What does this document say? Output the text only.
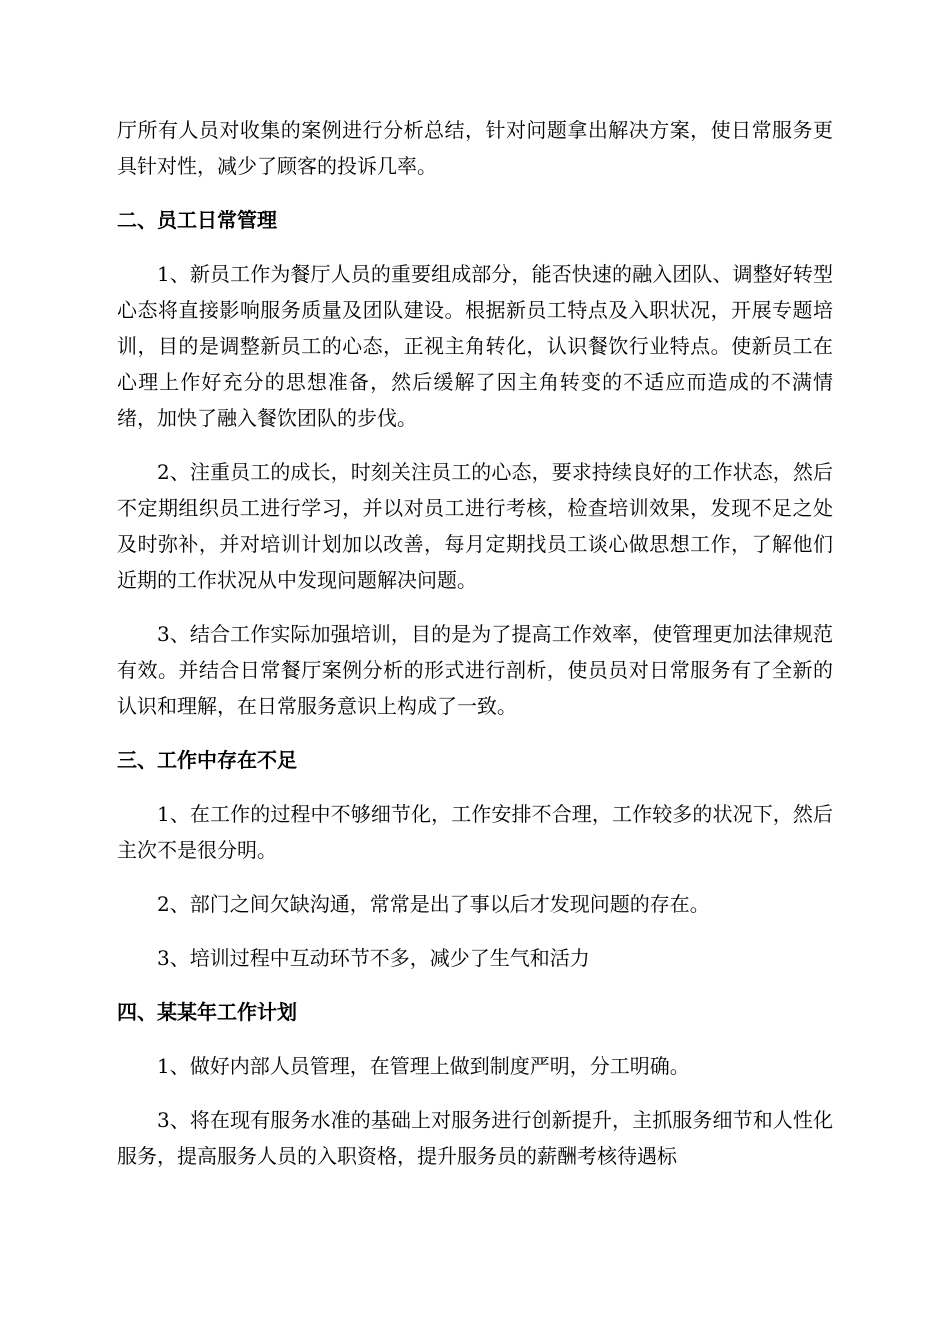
厅所有人员对收集的案例进行分析总结，针对问题拿出解决方案，使日常服务更具针对性，减少了顾客的投诉几率。

二、员工日常管理

1、新员工作为餐厅人员的重要组成部分，能否快速的融入团队、调整好转型心态将直接影响服务质量及团队建设。根据新员工特点及入职状况，开展专题培训，目的是调整新员工的心态，正视主角转化，认识餐饮行业特点。使新员工在心理上作好充分的思想准备，然后缓解了因主角转变的不适应而造成的不满情绪，加快了融入餐饮团队的步伐。

2、注重员工的成长，时刻关注员工的心态，要求持续良好的工作状态，然后不定期组织员工进行学习，并以对员工进行考核，检查培训效果，发现不足之处及时弥补，并对培训计划加以改善，每月定期找员工谈心做思想工作，了解他们近期的工作状况从中发现问题解决问题。

3、结合工作实际加强培训，目的是为了提高工作效率，使管理更加法律规范有效。并结合日常餐厅案例分析的形式进行剖析，使员员对日常服务有了全新的认识和理解，在日常服务意识上构成了一致。

三、工作中存在不足

1、在工作的过程中不够细节化，工作安排不合理，工作较多的状况下，然后主次不是很分明。

2、部门之间欠缺沟通，常常是出了事以后才发现问题的存在。

3、培训过程中互动环节不多，减少了生气和活力

四、某某年工作计划

1、做好内部人员管理，在管理上做到制度严明，分工明确。

3、将在现有服务水准的基础上对服务进行创新提升，主抓服务细节和人性化服务，提高服务人员的入职资格，提升服务员的薪酬考核待遇标
